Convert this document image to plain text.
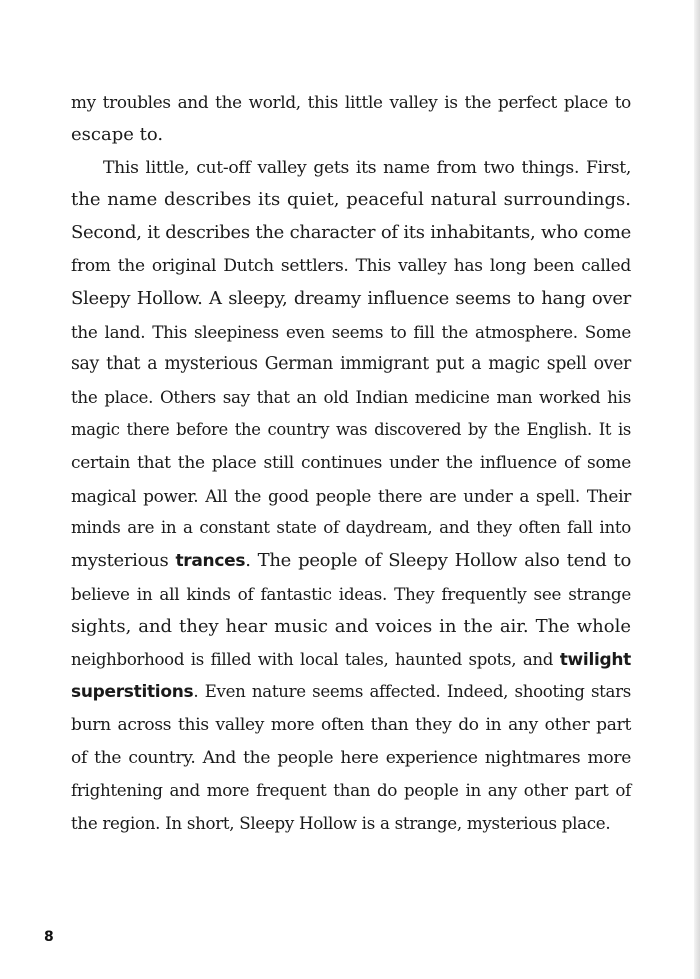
my troubles and the world, this little valley is the perfect place to
escape to.
This little, cut-off valley gets its name from two things. First,
the name describes its quiet, peaceful natural surroundings.
Second, it describes the character of its inhabitants, who come
from the original Dutch settlers. This valley has long been called
Sleepy Hollow. A sleepy, dreamy influence seems to hang over
the land. This sleepiness even seems to fill the atmosphere. Some
say that a mysterious German immigrant put a magic spell over
the place. Others say that an old Indian medicine man worked his
magic there before the country was discovered by the English. It is
certain that the place still continues under the influence of some
magical power. All the good people there are under a spell. Their
minds are in a constant state of daydream, and they often fall into
mysterious trances. The people of Sleepy Hollow also tend to
believe in all kinds of fantastic ideas. They frequently see strange
sights, and they hear music and voices in the air. The whole
neighborhood is filled with local tales, haunted spots, and twilight
superstitions. Even nature seems affected. Indeed, shooting stars
burn across this valley more often than they do in any other part
of the country. And the people here experience nightmares more
frightening and more frequent than do people in any other part of
the region. In short, Sleepy Hollow is a strange, mysterious place.
8
